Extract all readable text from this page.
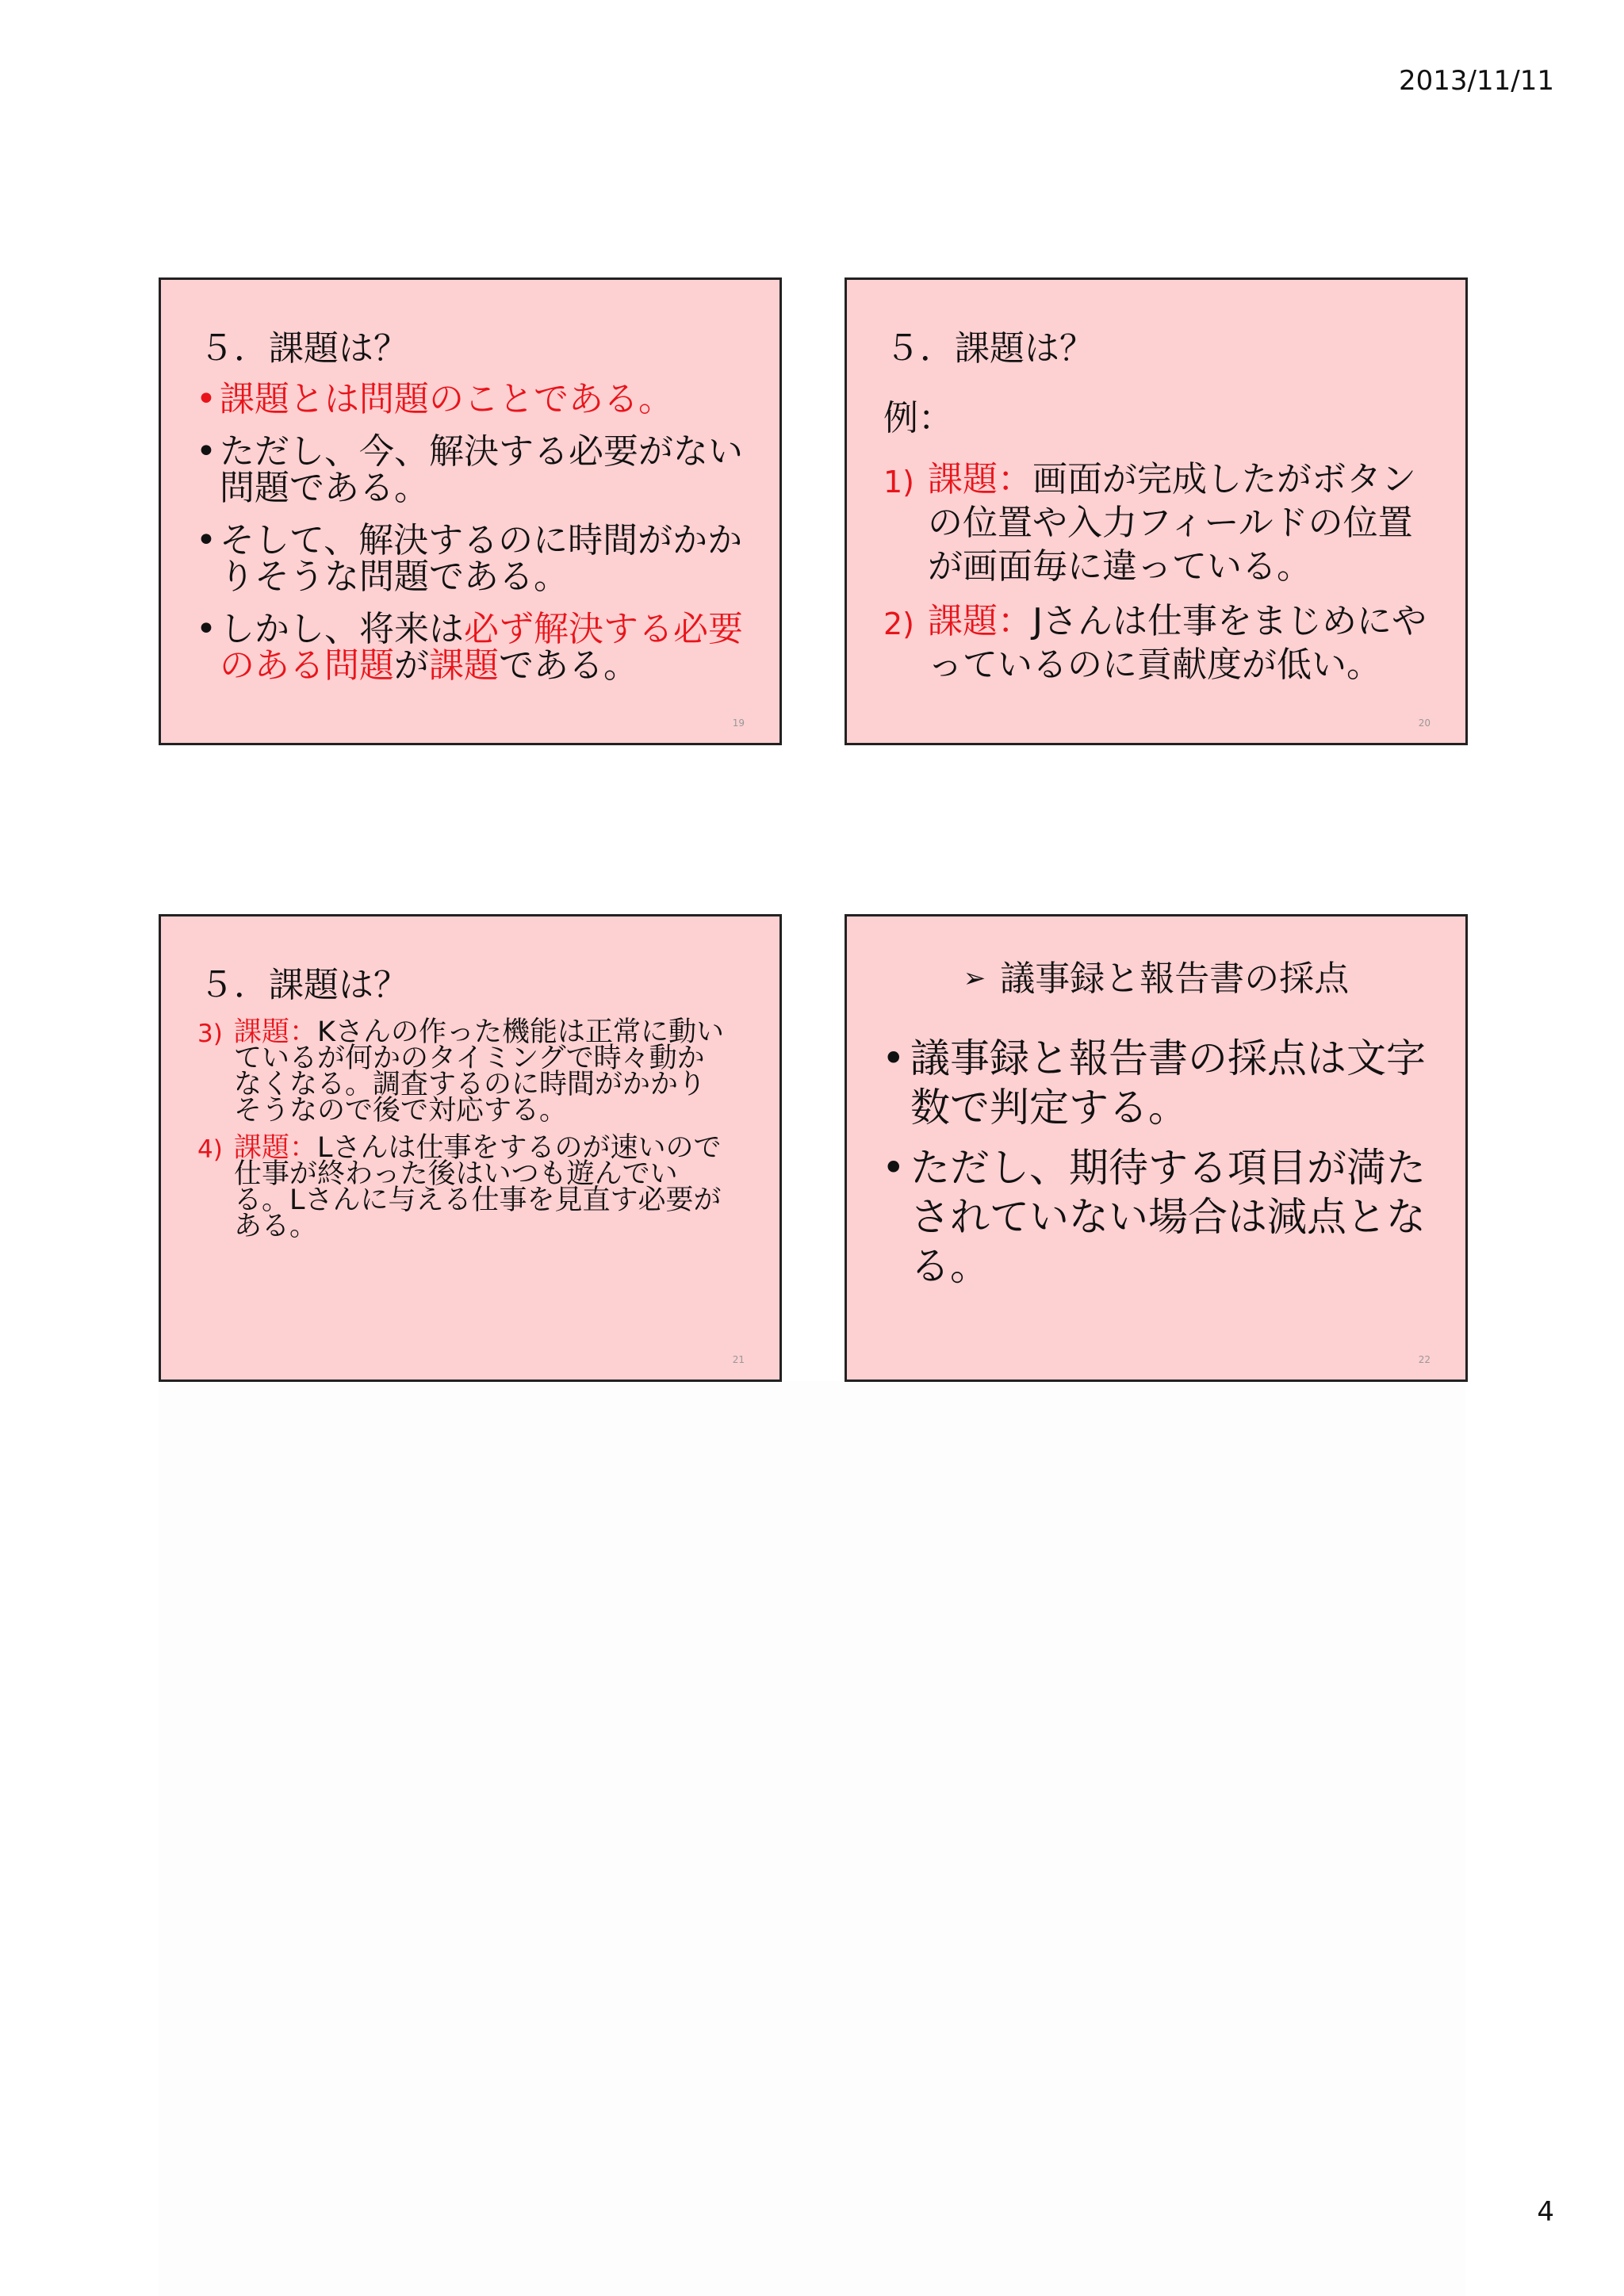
2013/11/11
５．課題は？
• 課題とは問題のことである。
• ただし、今、解決する必要がない問題である。
• そして、解決するのに時間がかかりそうな問題である。
• しかし、将来は必ず解決する必要のある問題が課題である。
19
５．課題は？
例：
1) 課題：画面が完成したがボタンの位置や入力フィールドの位置が画面毎に違っている。
2) 課題：Jさんは仕事をまじめにやっているのに貢献度が低い。
20
５．課題は？
3) 課題：Kさんの作った機能は正常に動いているが何かのタイミングで時々動かなくなる。調査するのに時間がかかりそうなので後で対応する。
4) 課題：Lさんは仕事をするのが速いので仕事が終わった後はいつも遊んでいる。Lさんに与える仕事を見直す必要がある。
21
➢ 議事録と報告書の採点
• 議事録と報告書の採点は文字数で判定する。
• ただし、期待する項目が満たされていない場合は減点となる。
22
4
